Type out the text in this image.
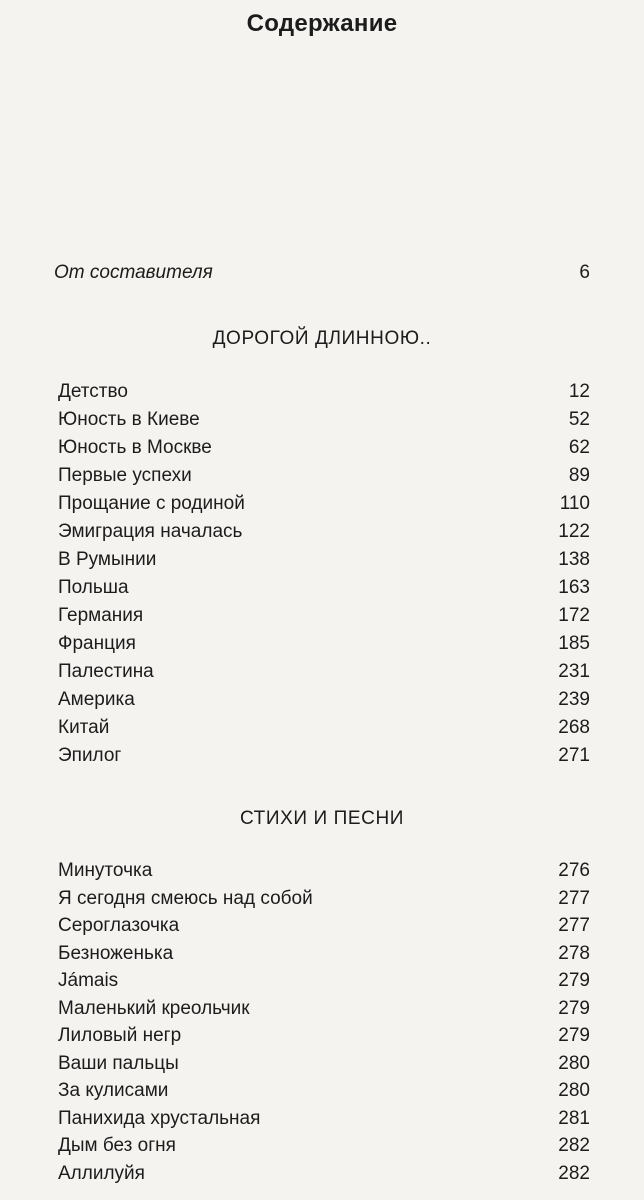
Содержание
От составителя	6
ДОРОГОЙ ДЛИННОЮ..
Детство	12
Юность в Киеве	52
Юность в Москве	62
Первые успехи	89
Прощание с родиной	110
Эмиграция началась	122
В Румынии	138
Польша	163
Германия	172
Франция	185
Палестина	231
Америка	239
Китай	268
Эпилог	271
СТИХИ И ПЕСНИ
Минуточка	276
Я сегодня смеюсь над собой	277
Сероглазочка	277
Безноженька	278
Jámais	279
Маленький креольчик	279
Лиловый негр	279
Ваши пальцы	280
За кулисами	280
Панихида хрустальная	281
Дым без огня	282
Аллилуйя	282
